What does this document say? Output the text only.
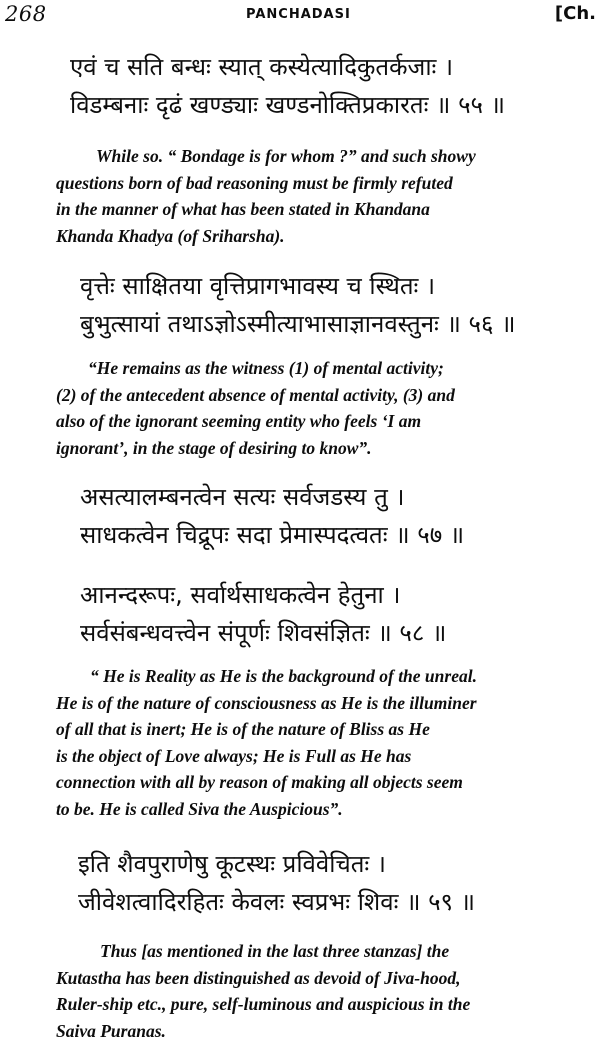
268	PANCHADASI	[Ch.
एवं च सति बन्धः स्यात् कस्येत्यादिकुतर्कजाः ।
विडम्बनाः दृढं खण्ड्याः खण्डनोक्तिप्रकारतः ॥ ५५ ॥
While so. “ Bondage is for whom ?” and such showy
questions born of bad reasoning must be firmly refuted
in the manner of what has been stated in Khandana
Khanda Khadya (of Sriharsha).
वृत्तेः साक्षितया वृत्तिप्रागभावस्य च स्थितः ।
बुभुत्सायां तथाऽज्ञोऽस्मीत्याभासाज्ञानवस्तुनः ॥ ५६ ॥
“He remains as the witness (1) of mental activity;
(2) of the antecedent absence of mental activity, (3) and
also of the ignorant seeming entity who feels ‘I am
ignorant’, in the stage of desiring to know”.
असत्यालम्बनत्वेन सत्यः सर्वजडस्य तु ।
साधकत्वेन चिद्रूपः सदा प्रेमास्पदत्वतः ॥ ५७ ॥
आनन्दरूपः, सर्वार्थसाधकत्वेन हेतुना ।
सर्वसंबन्धवत्त्वेन संपूर्णः शिवसंज्ञितः ॥ ५८ ॥
“ He is Reality as He is the background of the unreal.
He is of the nature of consciousness as He is the illuminer
of all that is inert; He is of the nature of Bliss as He
is the object of Love always; He is Full as He has
connection with all by reason of making all objects seem
to be. He is called Siva the Auspicious”.
इति शैवपुराणेषु कूटस्थः प्रविवेचितः ।
जीवेशत्वादिरहितः केवलः स्वप्रभः शिवः ॥ ५९ ॥
Thus [as mentioned in the last three stanzas] the
Kutastha has been distinguished as devoid of Jiva-hood,
Ruler-ship etc., pure, self-luminous and auspicious in the
Saiva Puranas.
